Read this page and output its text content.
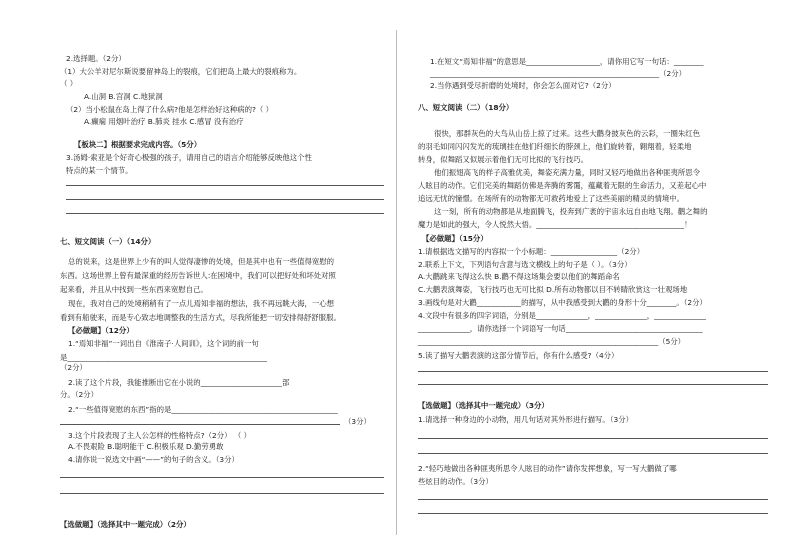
2.选择题。（2分）
（1）大公羊对尼尔斯说要留神岛上的裂痕，它们把岛上最大的裂痕称为。
（ ）
A.山洞 B.宫洞 C.地狱洞
（2）当小松鼠在岛上得了什么病?他是怎样治好这种病的?（ ）
A.癫痫 用烟叶治疗 B.肺炎 挂水 C.感冒 没有治疗
【板块二】根据要求完成内容。（5分）
3.汤姆·索亚是个好奇心极强的孩子，请用自己的语言介绍能够反映他这个性
特点的某一个情节。
七、短文阅读（一）（14分）
总的说来，这是世界上少有的叫人觉得凄惨的处境，但是其中也有一些值得宽慰的
东西。这场世界上曾有最深重的经历告诉世人:在困境中，我们可以把好处和坏处对照
起来看，并且从中找到一些东西来宽慰自己。
现在，我对自己的处境稍稍有了一点儿焉知非福的想法，我不再远眺大海，一心想
看到有船驶来，而是专心致志地调整我的生活方式，尽我所能把一切安排得舒舒服服。
【必做题】（12分）
1.“焉知非福”一词出自《淮南子·人间训》，这个词的前一句
是______________________________________________________
（2分）
2.读了这个片段，我能推断出它在小说的______________________部
分。（2分）
2.“一些值得宽慰的东西”指的是_____________________________________________
（3分）
3.这个片段表现了主人公怎样的性格特点?（2分） （ ）
A.不畏艰险 B.聪明能干 C.积极乐观 D.勤劳勇敢
4.请你说一说选文中画“——”的句子的含义。（3分）
【选做题】（选择其中一题完成）（2分）
1.在短文“焉知非福”的意思是____________________，请你用它写一句话：________
______________________________________________________________（2分）
2.当你遇到受尽折磨的处境时，你会怎么面对它?（2分）
八、短文阅读（二）（18分）
很快，那群灰色的大鸟从山岳上掠了过来。这些大鹳身披灰色的云彩，一圈朱红色
的羽毛如同闪闪发光的琉璃挂在他们纤细长的脖颈上，他们旋转着，翱翔着，轻柔地
转身，似舞蹈又似展示着他们无可比拟的飞行技巧。
他们振翅高飞的样子高雅优美，舞姿充满力量，同时又轻巧地做出各种匪夷所思令
人眩目的动作。它们完美的舞蹈仿佛是奔腾的雾霭，蕴藏着无限的生命活力，又差起心中
追远无忧的憧憬。在场所有的动物都无可救药地爱上了这些美丽的精灵的情境中。
这一刻，所有的动物都是从地面腾飞，投奔到广袤的宇宙永远自由地飞翔。鹳之舞的
魔力是如此的强大，令人悦然大悟。________________________________________！
【必做题】（15分）
1.请根据选文描写的内容拟一个小标题：__________________（2分）
2.联系上下文，下列语句含意与选文横线上的句子是（ ）。（3分）
A.大鹳跳来飞得这么快 B.鹳不得这场集会要以他们的舞蹈命名
C.大鹳表演舞姿，飞行技巧也无可比拟 D.所有动物都以目不转睛欣赏这一壮观场地
3.画线句是对大鹳____________的描写，从中我感受到大鹳的身形十分________。（2分）
4.文段中有很多的四字词语，分别是______________，______________，______________
______________，请你选择一个词语写一句话_____________________________________
_________________________________________________________________（5分）
5.读了描写大鹳表演的这部分情节后，你有什么感受?（4分）
【选做题】（选择其中一题完成）（3分）
1.请选择一种身边的小动物，用几句话对其外形进行描写。（3分）
2.“轻巧地做出各种匪夷所思令人眩目的动作”请你发挥想象，写一写大鹳做了哪
些炫目的动作。（3分）
